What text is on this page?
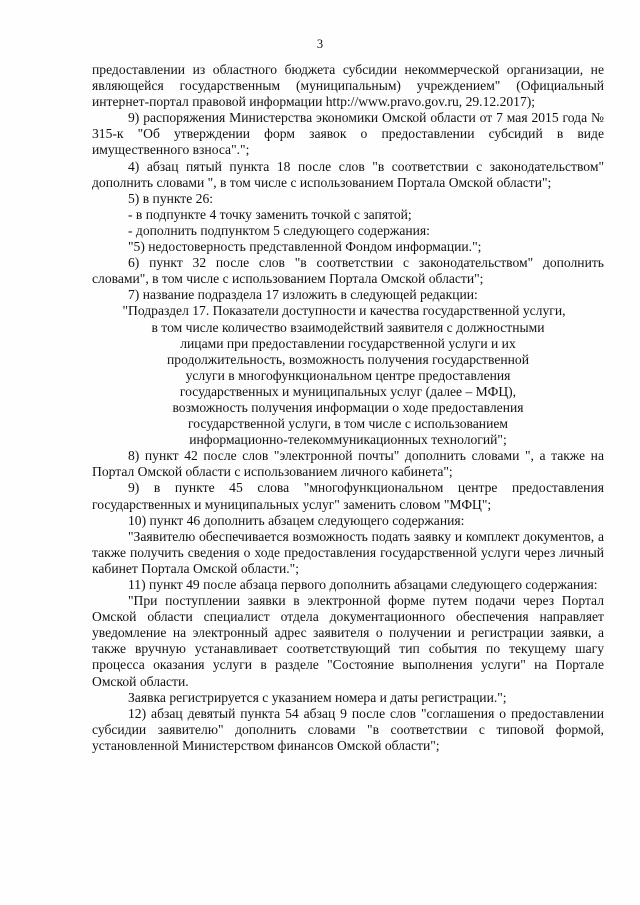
3

предоставлении из областного бюджета субсидии некоммерческой организации, не являющейся государственным (муниципальным) учреждением" (Официальный интернет-портал правовой информации http://www.pravo.gov.ru, 29.12.2017);

9) распоряжения Министерства экономики Омской области от 7 мая 2015 года № 315-к "Об утверждении форм заявок о предоставлении субсидий в виде имущественного взноса".";

4) абзац пятый пункта 18 после слов "в соответствии с законодательством" дополнить словами ", в том числе с использованием Портала Омской области";

5) в пункте 26:

- в подпункте 4 точку заменить точкой с запятой;

- дополнить подпунктом 5 следующего содержания:

"5) недостоверность представленной Фондом информации.";

6) пункт 32 после слов "в соответствии с законодательством" дополнить словами", в том числе с использованием Портала Омской области";

7) название подраздела 17 изложить в следующей редакции:

"Подраздел 17. Показатели доступности и качества государственной услуги,

в том числе количество взаимодействий заявителя с должностными

лицами при предоставлении государственной услуги и их

продолжительность, возможность получения государственной

услуги в многофункциональном центре предоставления

государственных и муниципальных услуг (далее – МФЦ),

возможность получения информации о ходе предоставления

государственной услуги, в том числе с использованием

информационно-телекоммуникационных технологий";

8) пункт 42 после слов "электронной почты" дополнить словами ", а также на Портал Омской области с использованием личного кабинета";

9) в пункте 45 слова "многофункциональном центре предоставления государственных и муниципальных услуг" заменить словом "МФЦ";

10) пункт 46 дополнить абзацем следующего содержания:

"Заявителю обеспечивается возможность подать заявку и комплект документов, а также получить сведения о ходе предоставления государственной услуги через личный кабинет Портала Омской области.";

11) пункт 49 после абзаца первого дополнить абзацами следующего содержания:

"При поступлении заявки в электронной форме путем подачи через Портал Омской области специалист отдела документационного обеспечения направляет уведомление на электронный адрес заявителя о получении и регистрации заявки, а также вручную устанавливает соответствующий тип события по текущему шагу процесса оказания услуги в разделе "Состояние выполнения услуги" на Портале Омской области.

Заявка регистрируется с указанием номера и даты регистрации.";

12) абзац девятый пункта 54 абзац 9 после слов "соглашения о предоставлении субсидии заявителю" дополнить словами "в соответствии с типовой формой, установленной Министерством финансов Омской области";
